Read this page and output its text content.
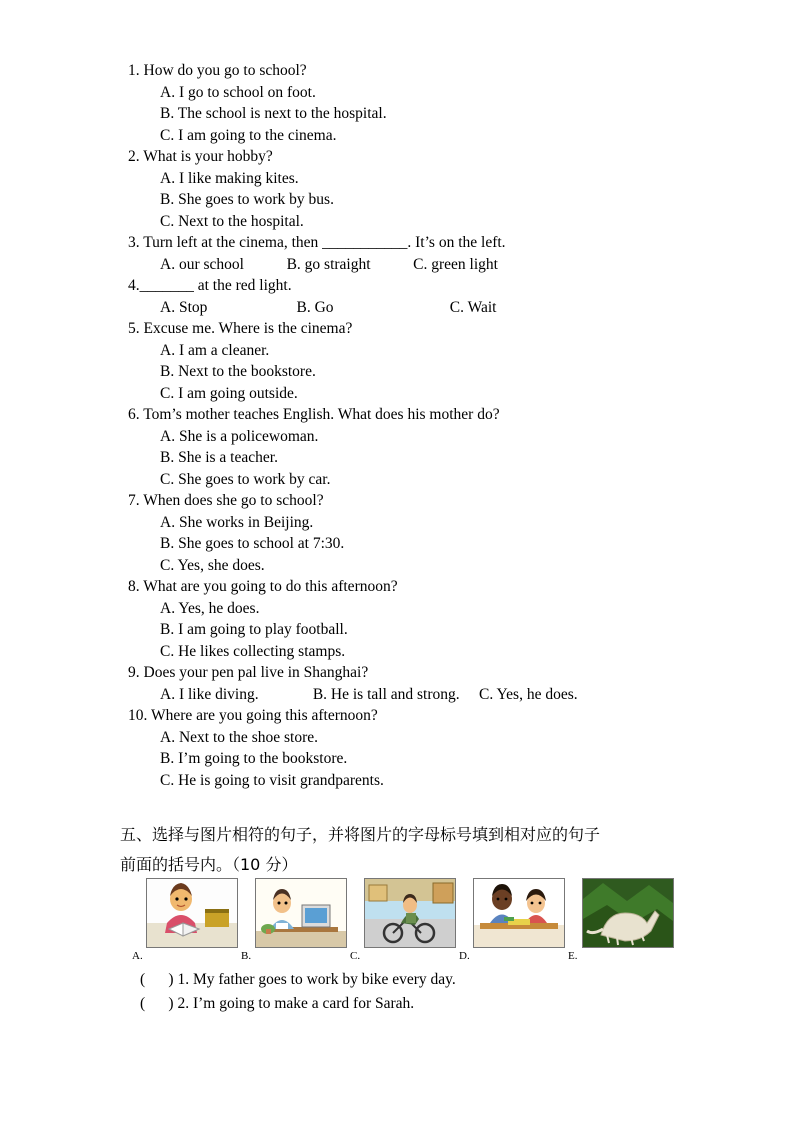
1. How do you go to school?
A. I go to school on foot.
B. The school is next to the hospital.
C. I am going to the cinema.
2. What is your hobby?
A. I like making kites.
B. She goes to work by bus.
C. Next to the hospital.
3. Turn left at the cinema, then ___________. It’s on the left.
A. our school           B. go straight           C. green light
4._______ at the red light.
A. Stop                       B. Go                              C. Wait
5. Excuse me. Where is the cinema?
A. I am a cleaner.
B. Next to the bookstore.
C. I am going outside.
6. Tom’s mother teaches English. What does his mother do?
A. She is a policewoman.
B. She is a teacher.
C. She goes to work by car.
7. When does she go to school?
A. She works in Beijing.
B. She goes to school at 7:30.
C. Yes, she does.
8. What are you going to do this afternoon?
A. Yes, he does.
B. I am going to play football.
C. He likes collecting stamps.
9. Does your pen pal live in Shanghai?
A. I like diving.              B. He is tall and strong.     C. Yes, he does.
10. Where are you going this afternoon?
A. Next to the shoe store.
B. I’m going to the bookstore.
C. He is going to visit grandparents.
五、选择与图片相符的句子，并将图片的字母标号填到相对应的句子
前面的括号内。（10 分）
A.	B.	C.	D.	E.
(      ) 1. My father goes to work by bike every day.
(      ) 2. I’m going to make a card for Sarah.
